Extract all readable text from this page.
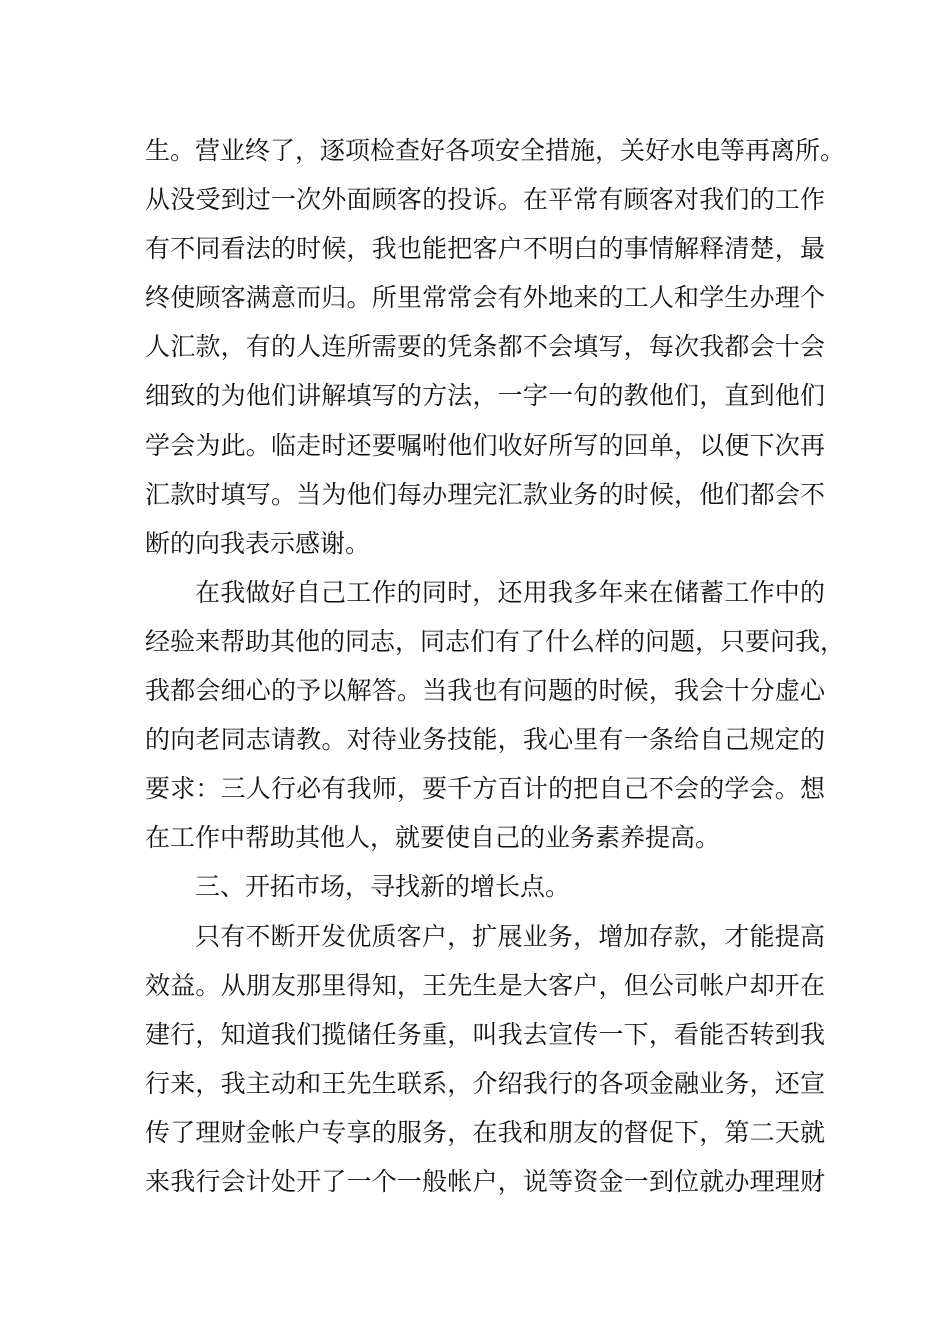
生。营业终了，逐项检查好各项安全措施，关好水电等再离所。
从没受到过一次外面顾客的投诉。在平常有顾客对我们的工作
有不同看法的时候，我也能把客户不明白的事情解释清楚，最
终使顾客满意而归。所里常常会有外地来的工人和学生办理个
人汇款，有的人连所需要的凭条都不会填写，每次我都会十会
细致的为他们讲解填写的方法，一字一句的教他们，直到他们
学会为此。临走时还要嘱咐他们收好所写的回单，以便下次再
汇款时填写。当为他们每办理完汇款业务的时候，他们都会不
断的向我表示感谢。
在我做好自己工作的同时，还用我多年来在储蓄工作中的
经验来帮助其他的同志，同志们有了什么样的问题，只要问我，
我都会细心的予以解答。当我也有问题的时候，我会十分虚心
的向老同志请教。对待业务技能，我心里有一条给自己规定的
要求：三人行必有我师，要千方百计的把自己不会的学会。想
在工作中帮助其他人，就要使自己的业务素养提高。
三、开拓市场，寻找新的增长点。
只有不断开发优质客户，扩展业务，增加存款，才能提高
效益。从朋友那里得知，王先生是大客户，但公司帐户却开在
建行，知道我们揽储任务重，叫我去宣传一下，看能否转到我
行来，我主动和王先生联系，介绍我行的各项金融业务，还宣
传了理财金帐户专享的服务，在我和朋友的督促下，第二天就
来我行会计处开了一个一般帐户，说等资金一到位就办理理财
